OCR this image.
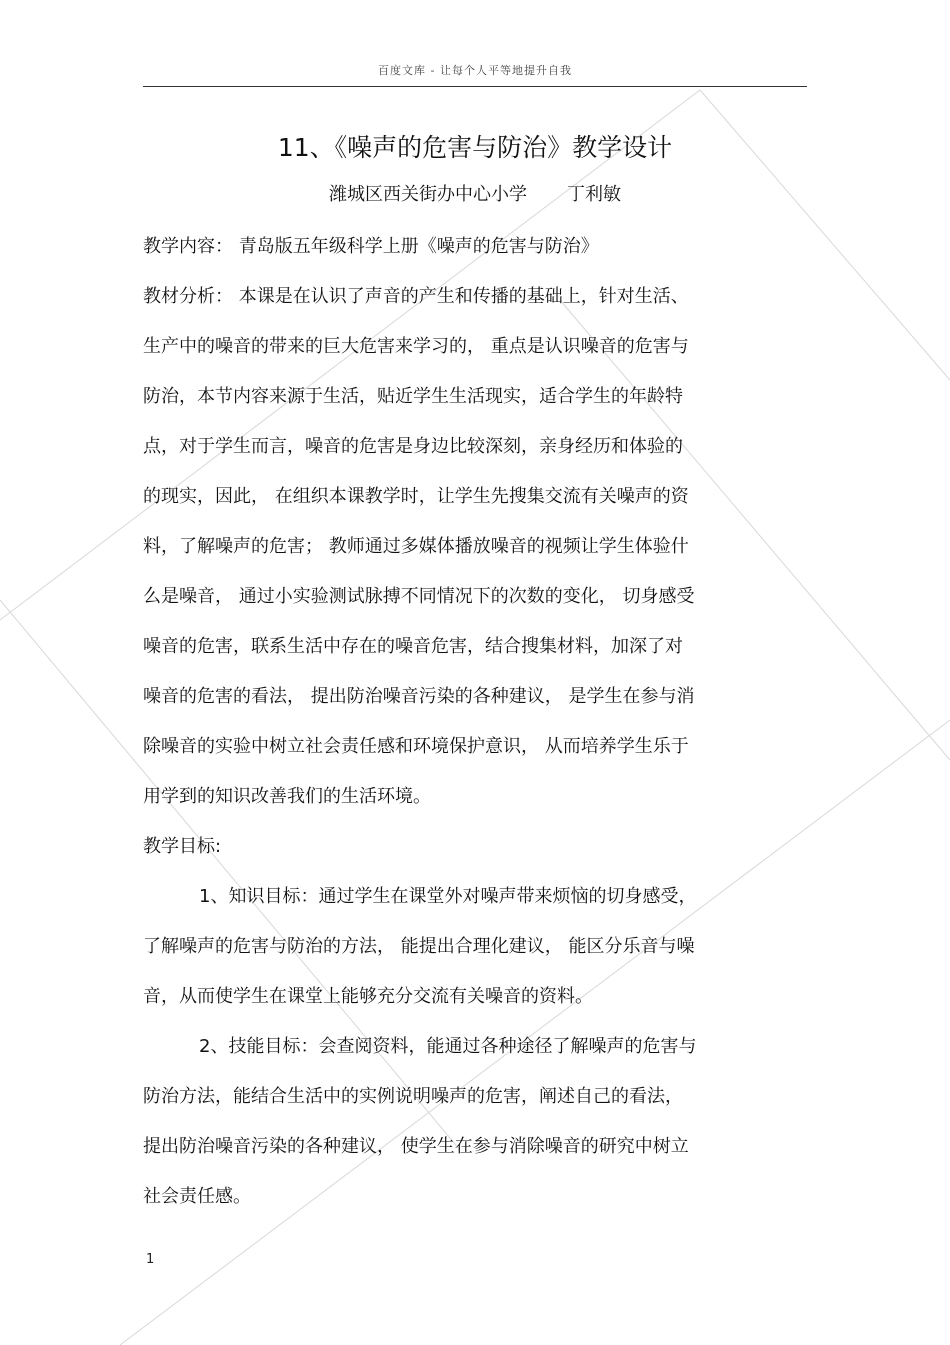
百度文库 - 让每个人平等地提升自我
11、《噪声的危害与防治》教学设计
潍城区西关街办中心小学 丁利敏
教学内容： 青岛版五年级科学上册《噪声的危害与防治》
教材分析： 本课是在认识了声音的产生和传播的基础上，针对生活、
生产中的噪音的带来的巨大危害来学习的， 重点是认识噪音的危害与
防治，本节内容来源于生活，贴近学生生活现实，适合学生的年龄特
点，对于学生而言，噪音的危害是身边比较深刻，亲身经历和体验的
的现实，因此， 在组织本课教学时，让学生先搜集交流有关噪声的资
料，了解噪声的危害； 教师通过多媒体播放噪音的视频让学生体验什
么是噪音， 通过小实验测试脉搏不同情况下的次数的变化， 切身感受
噪音的危害，联系生活中存在的噪音危害，结合搜集材料，加深了对
噪音的危害的看法， 提出防治噪音污染的各种建议， 是学生在参与消
除噪音的实验中树立社会责任感和环境保护意识， 从而培养学生乐于
用学到的知识改善我们的生活环境。
教学目标:
1、知识目标：通过学生在课堂外对噪声带来烦恼的切身感受，
了解噪声的危害与防治的方法， 能提出合理化建议， 能区分乐音与噪
音，从而使学生在课堂上能够充分交流有关噪音的资料。
2、技能目标：会查阅资料，能通过各种途径了解噪声的危害与
防治方法，能结合生活中的实例说明噪声的危害，阐述自己的看法，
提出防治噪音污染的各种建议， 使学生在参与消除噪音的研究中树立
社会责任感。
1
